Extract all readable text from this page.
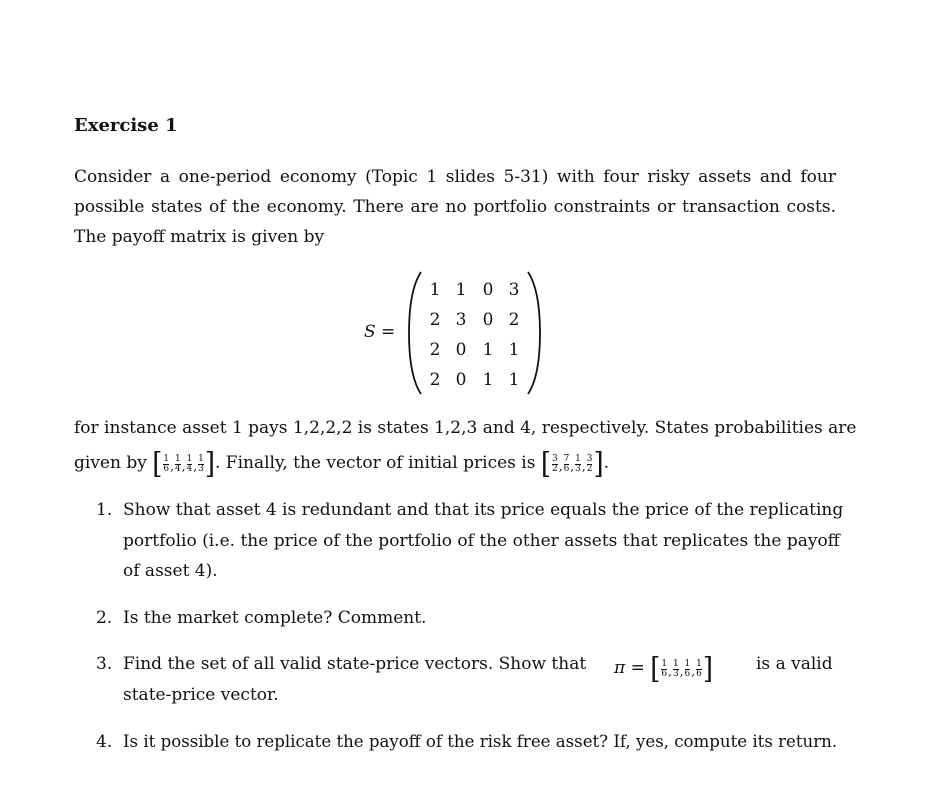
Exercise 1
Consider a one-period economy (Topic 1 slides 5-31) with four risky assets and four
possible states of the economy. There are no portfolio constraints or transaction costs.
The payoff matrix is given by
S =
1 1 0 3
2 3 0 2
2 0 1 1
2 0 1 1
for instance asset 1 pays 1,2,2,2 is states 1,2,3 and 4, respectively. States probabilities are
given by [ $\frac{1}{6}$ , $\frac{1}{4}$ , $\frac{1}{4}$ , $\frac{1}{3}$ ]. Finally, the vector of initial prices is [ $\frac{3}{2}$ , $\frac{7}{6}$ , $\frac{1}{3}$ , $\frac{3}{2}$ ].
1. Show that asset 4 is redundant and that its price equals the price of the replicating
portfolio (i.e. the price of the portfolio of the other assets that replicates the payoff
of asset 4).
2. Is the market complete? Comment.
3. Find the set of all valid state-price vectors. Show that π = [ $\frac{1}{6}$ , $\frac{1}{3}$ , $\frac{1}{6}$ , $\frac{1}{6}$ ]	is a valid
state-price vector.
4. Is it possible to replicate the payoff of the risk free asset? If, yes, compute its return.
